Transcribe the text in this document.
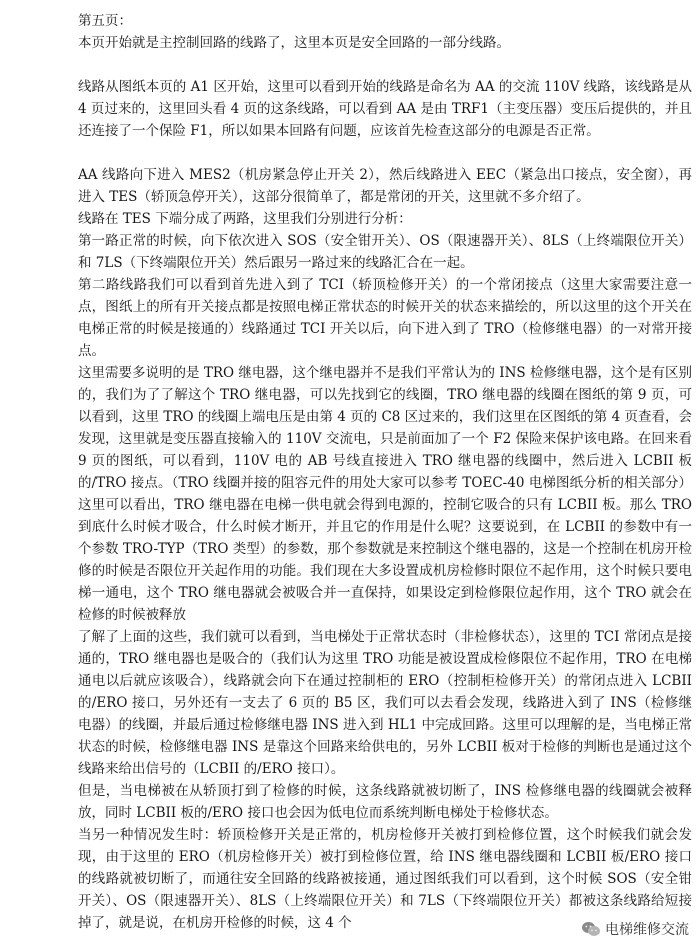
第五页：

本页开始就是主控制回路的线路了，这里本页是安全回路的一部分线路。

线路从图纸本页的 A1 区开始，这里可以看到开始的线路是命名为 AA 的交流 110V 线路，该线路是从 4 页过来的，这里回头看 4 页的这条线路，可以看到 AA 是由 TRF1（主变压器）变压后提供的，并且还连接了一个保险 F1，所以如果本回路有问题，应该首先检查这部分的电源是否正常。

AA 线路向下进入 MES2（机房紧急停止开关 2），然后线路进入 EEC（紧急出口接点，安全窗），再进入 TES（轿顶急停开关），这部分很简单了，都是常闭的开关，这里就不多介绍了。

线路在 TES 下端分成了两路，这里我们分别进行分析：

第一路正常的时候，向下依次进入 SOS（安全钳开关）、OS（限速器开关）、8LS（上终端限位开关）和 7LS（下终端限位开关）然后跟另一路过来的线路汇合在一起。

第二路线路我们可以看到首先进入到了 TCI（轿顶检修开关）的一个常闭接点（这里大家需要注意一点，图纸上的所有开关接点都是按照电梯正常状态的时候开关的状态来描绘的，所以这里的这个开关在电梯正常的时候是接通的）线路通过 TCI 开关以后，向下进入到了 TRO（检修继电器）的一对常开接点。

这里需要多说明的是 TRO 继电器，这个继电器并不是我们平常认为的 INS 检修继电器，这个是有区别的，我们为了了解这个 TRO 继电器，可以先找到它的线圈，TRO 继电器的线圈在图纸的第 9 页，可以看到，这里 TRO 的线圈上端电压是由第 4 页的 C8 区过来的，我们这里在区图纸的第 4 页查看，会发现，这里就是变压器直接输入的 110V 交流电，只是前面加了一个 F2 保险来保护该电路。在回来看 9 页的图纸，可以看到，110V 电的 AB 号线直接进入 TRO 继电器的线圈中，然后进入 LCBII 板的/TRO 接点。（TRO 线圈并接的阻容元件的用处大家可以参考 TOEC-40 电梯图纸分析的相关部分）这里可以看出，TRO 继电器在电梯一供电就会得到电源的，控制它吸合的只有 LCBII 板。那么 TRO 到底什么时候才吸合，什么时候才断开，并且它的作用是什么呢？这要说到，在 LCBII 的参数中有一个参数 TRO-TYP（TRO 类型）的参数，那个参数就是来控制这个继电器的，这是一个控制在机房开检修的时候是否限位开关起作用的功能。我们现在大多设置成机房检修时限位不起作用，这个时候只要电梯一通电，这个 TRO 继电器就会被吸合并一直保持，如果设定到检修限位起作用，这个 TRO 就会在检修的时候被释放

了解了上面的这些，我们就可以看到，当电梯处于正常状态时（非检修状态），这里的 TCI 常闭点是接通的，TRO 继电器也是吸合的（我们认为这里 TRO 功能是被设置成检修限位不起作用，TRO 在电梯通电以后就应该吸合），线路就会向下在通过控制柜的 ERO（控制柜检修开关）的常闭点进入 LCBII 的/ERO 接口，另外还有一支去了 6 页的 B5 区，我们可以去看会发现，线路进入到了 INS（检修继电器）的线圈，并最后通过检修继电器 INS 进入到 HL1 中完成回路。这里可以理解的是，当电梯正常状态的时候，检修继电器 INS 是靠这个回路来给供电的，另外 LCBII 板对于检修的判断也是通过这个线路来给出信号的（LCBII 的/ERO 接口）。

但是，当电梯被在从轿顶打到了检修的时候，这条线路就被切断了，INS 检修继电器的线圈就会被释放，同时 LCBII 板的/ERO 接口也会因为低电位而系统判断电梯处于检修状态。

当另一种情况发生时：轿顶检修开关是正常的，机房检修开关被打到检修位置，这个时候我们就会发现，由于这里的 ERO（机房检修开关）被打到检修位置，给 INS 继电器线圈和 LCBII 板/ERO 接口的线路就被切断了，而通往安全回路的线路被接通，通过图纸我们可以看到，这个时候 SOS（安全钳开关）、OS（限速器开关）、8LS（上终端限位开关）和 7LS（下终端限位开关）都被这条线路给短接掉了，就是说，在机房开检修的时候，这 4 个	电梯维修交流
